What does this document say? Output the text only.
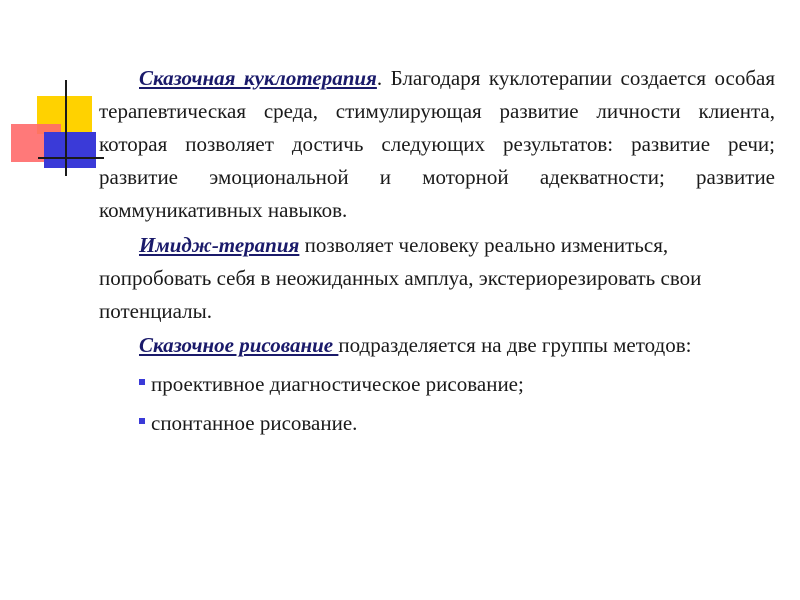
Сказочная куклотерапия. Благодаря куклотерапии создается особая терапевтическая среда, стимулирующая развитие личности клиента, которая позволяет достичь следующих результатов: развитие речи; развитие эмоциональной и моторной адекватности; развитие коммуникативных навыков.

Имидж-терапия позволяет человеку реально измениться, попробовать себя в неожиданных амплуа, экстериорезировать свои потенциалы.

Сказочное рисование подразделяется на две группы методов:

проективное диагностическое рисование;
спонтанное рисование.
